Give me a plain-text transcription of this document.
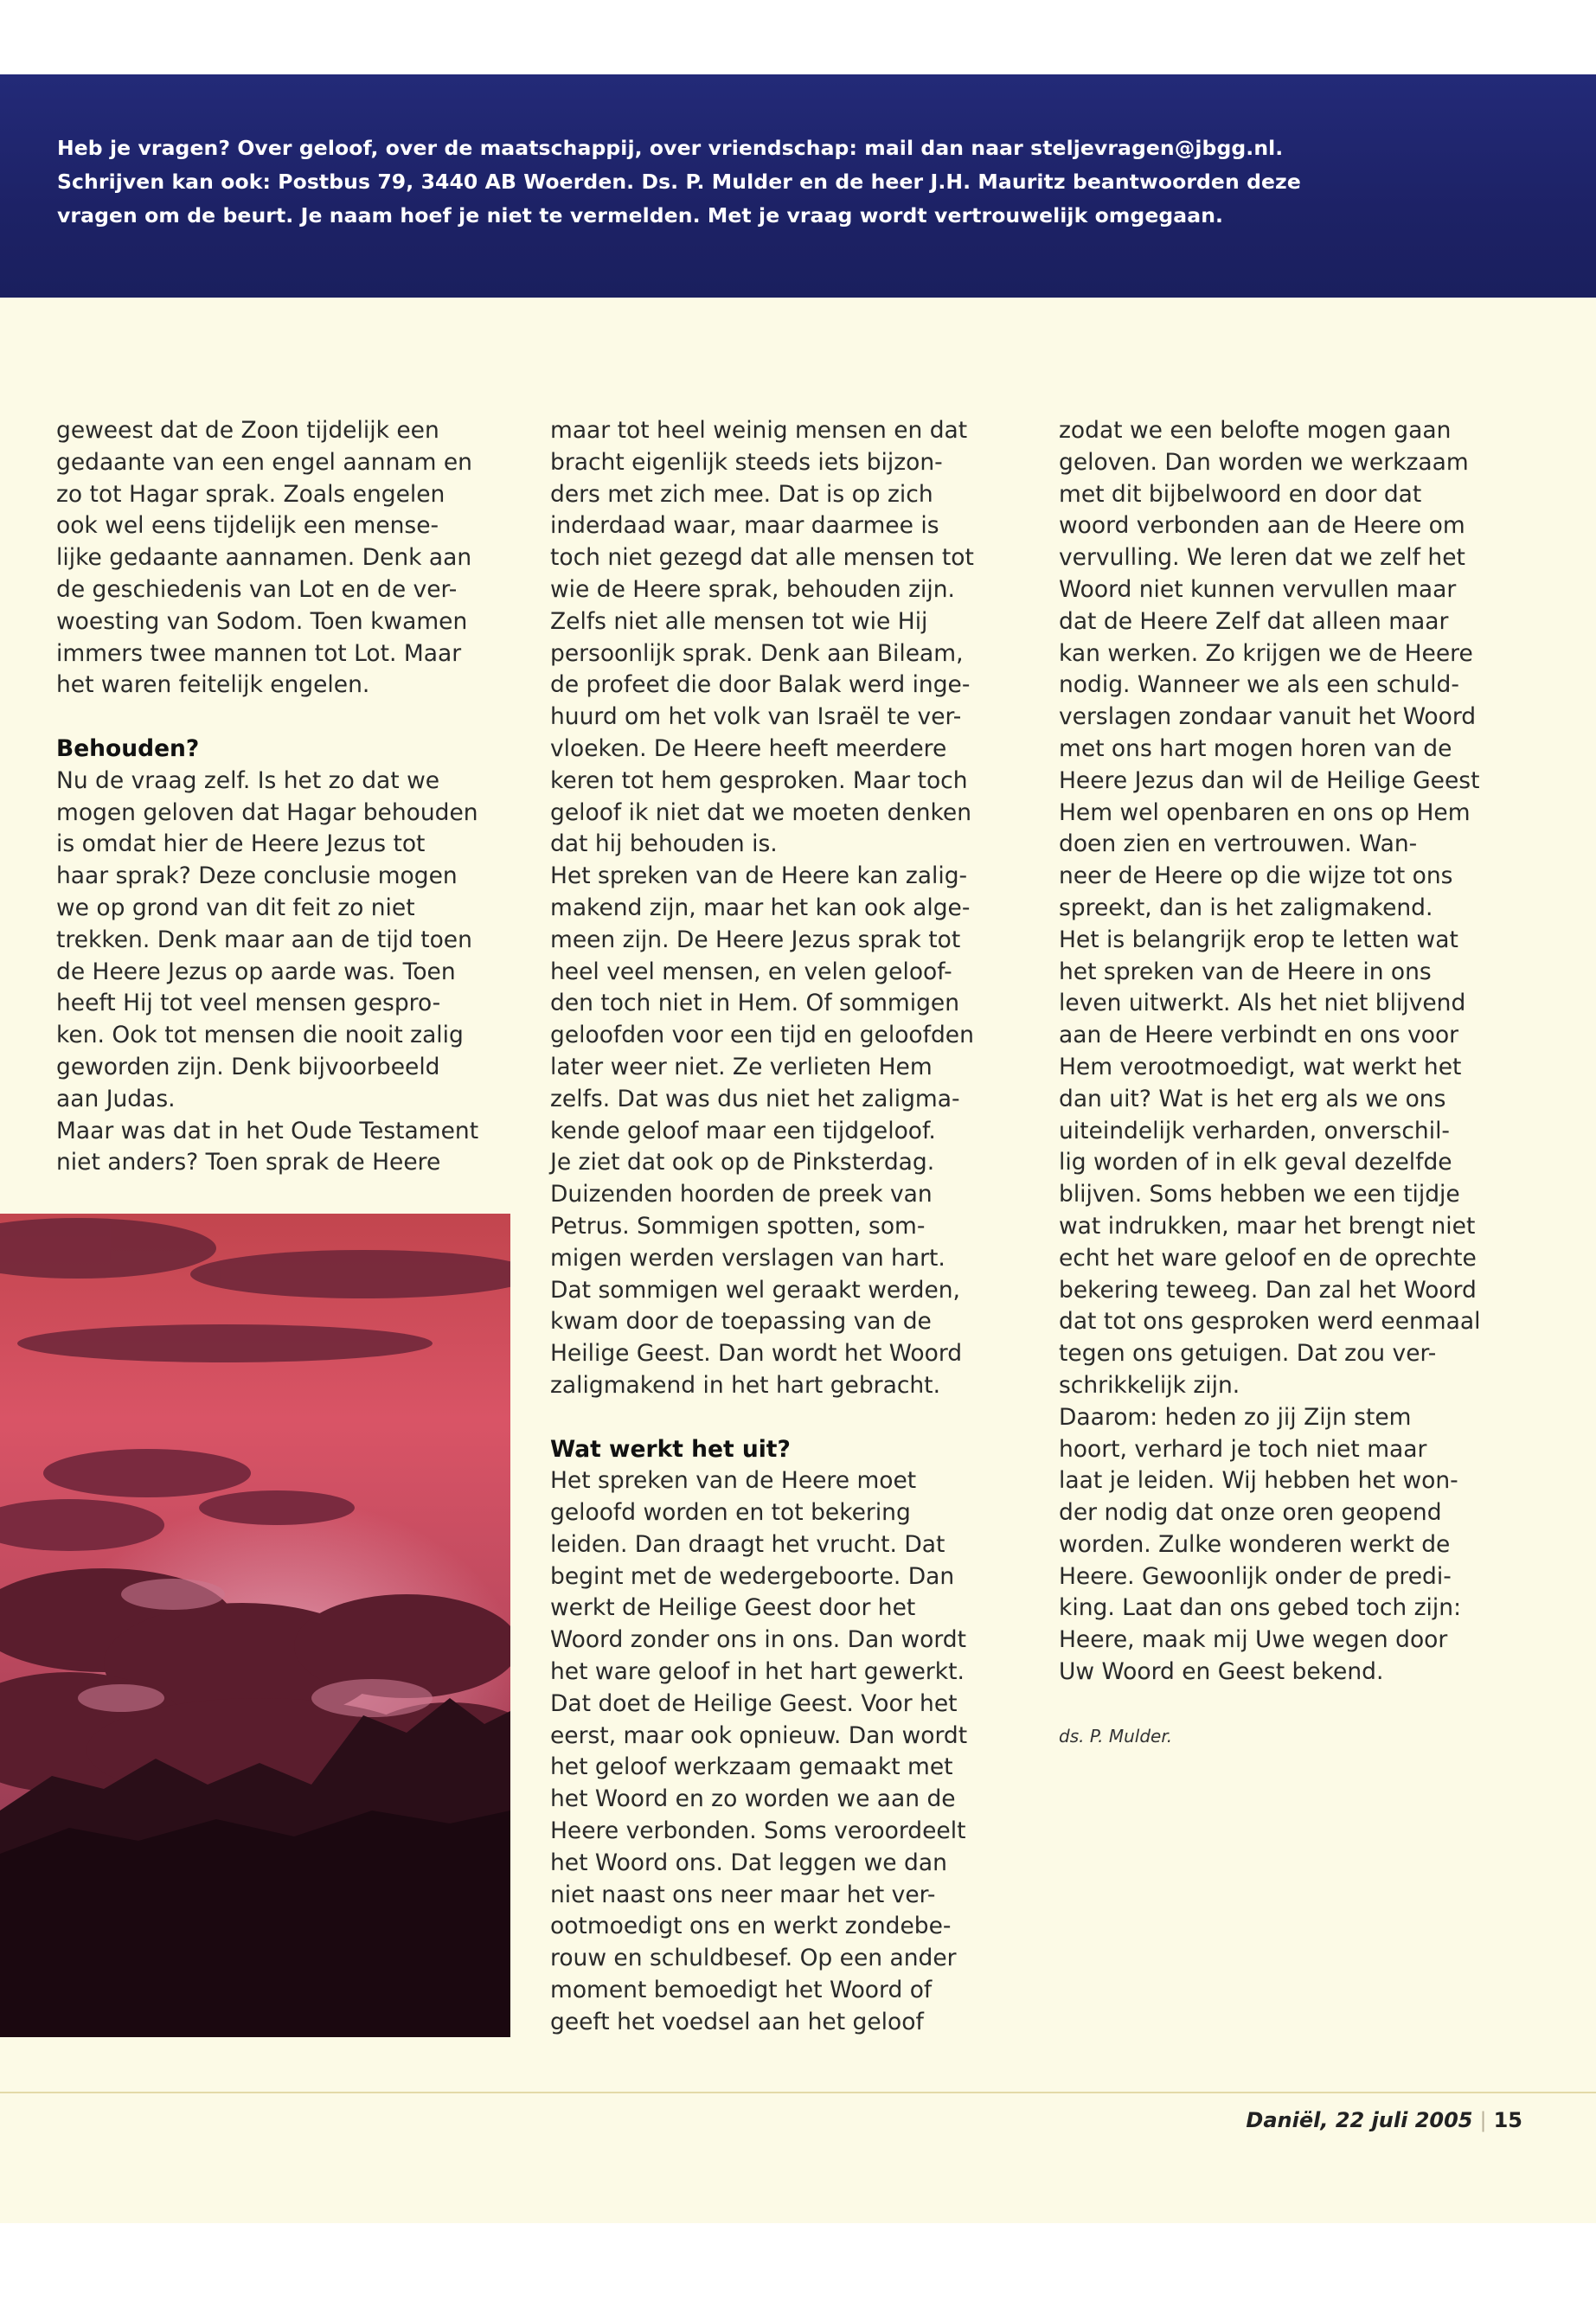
Heb je vragen? Over geloof, over de maatschappij, over vriendschap: mail dan naar steljevragen@jbgg.nl.

Schrijven kan ook: Postbus 79, 3440 AB Woerden. Ds. P. Mulder en de heer J.H. Mauritz beantwoorden deze

vragen om de beurt. Je naam hoef je niet te vermelden. Met je vraag wordt vertrouwelijk omgegaan.

geweest dat de Zoon tijdelijk een
gedaante van een engel aannam en
zo tot Hagar sprak. Zoals engelen
ook wel eens tijdelijk een mense-
lijke gedaante aannamen. Denk aan
de geschiedenis van Lot en de ver-
woesting van Sodom. Toen kwamen
immers twee mannen tot Lot. Maar
het waren feitelijk engelen.

Behouden?

Nu de vraag zelf. Is het zo dat we
mogen geloven dat Hagar behouden
is omdat hier de Heere Jezus tot
haar sprak? Deze conclusie mogen
we op grond van dit feit zo niet
trekken. Denk maar aan de tijd toen
de Heere Jezus op aarde was. Toen
heeft Hij tot veel mensen gespro-
ken. Ook tot mensen die nooit zalig
geworden zijn. Denk bijvoorbeeld
aan Judas.
Maar was dat in het Oude Testament
niet anders? Toen sprak de Heere

maar tot heel weinig mensen en dat
bracht eigenlijk steeds iets bijzon-
ders met zich mee. Dat is op zich
inderdaad waar, maar daarmee is
toch niet gezegd dat alle mensen tot
wie de Heere sprak, behouden zijn.
Zelfs niet alle mensen tot wie Hij
persoonlijk sprak. Denk aan Bileam,
de profeet die door Balak werd inge-
huurd om het volk van Israël te ver-
vloeken. De Heere heeft meerdere
keren tot hem gesproken. Maar toch
geloof ik niet dat we moeten denken
dat hij behouden is.
Het spreken van de Heere kan zalig-
makend zijn, maar het kan ook alge-
meen zijn. De Heere Jezus sprak tot
heel veel mensen, en velen geloof-
den toch niet in Hem. Of sommigen
geloofden voor een tijd en geloofden
later weer niet. Ze verlieten Hem
zelfs. Dat was dus niet het zaligma-
kende geloof maar een tijdgeloof.
Je ziet dat ook op de Pinksterdag.
Duizenden hoorden de preek van
Petrus. Sommigen spotten, som-
migen werden verslagen van hart.
Dat sommigen wel geraakt werden,
kwam door de toepassing van de
Heilige Geest. Dan wordt het Woord
zaligmakend in het hart gebracht.

Wat werkt het uit?

Het spreken van de Heere moet
geloofd worden en tot bekering
leiden. Dan draagt het vrucht. Dat
begint met de wedergeboorte. Dan
werkt de Heilige Geest door het
Woord zonder ons in ons. Dan wordt
het ware geloof in het hart gewerkt.
Dat doet de Heilige Geest. Voor het
eerst, maar ook opnieuw. Dan wordt
het geloof werkzaam gemaakt met
het Woord en zo worden we aan de
Heere verbonden. Soms veroordeelt
het Woord ons. Dat leggen we dan
niet naast ons neer maar het ver-
ootmoedigt ons en werkt zondebe-
rouw en schuldbesef. Op een ander
moment bemoedigt het Woord of
geeft het voedsel aan het geloof

zodat we een belofte mogen gaan
geloven. Dan worden we werkzaam
met dit bijbelwoord en door dat
woord verbonden aan de Heere om
vervulling. We leren dat we zelf het
Woord niet kunnen vervullen maar
dat de Heere Zelf dat alleen maar
kan werken. Zo krijgen we de Heere
nodig. Wanneer we als een schuld-
verslagen zondaar vanuit het Woord
met ons hart mogen horen van de
Heere Jezus dan wil de Heilige Geest
Hem wel openbaren en ons op Hem
doen zien en vertrouwen. Wan-
neer de Heere op die wijze tot ons
spreekt, dan is het zaligmakend.
Het is belangrijk erop te letten wat
het spreken van de Heere in ons
leven uitwerkt. Als het niet blijvend
aan de Heere verbindt en ons voor
Hem verootmoedigt, wat werkt het
dan uit? Wat is het erg als we ons
uiteindelijk verharden, onverschil-
lig worden of in elk geval dezelfde
blijven. Soms hebben we een tijdje
wat indrukken, maar het brengt niet
echt het ware geloof en de oprechte
bekering teweeg. Dan zal het Woord
dat tot ons gesproken werd eenmaal
tegen ons getuigen. Dat zou ver-
schrikkelijk zijn.
Daarom: heden zo jij Zijn stem
hoort, verhard je toch niet maar
laat je leiden. Wij hebben het won-
der nodig dat onze oren geopend
worden. Zulke wonderen werkt de
Heere. Gewoonlijk onder de predi-
king. Laat dan ons gebed toch zijn:
Heere, maak mij Uwe wegen door
Uw Woord en Geest bekend.

ds. P. Mulder.

Daniël, 22 juli 2005 | 15
